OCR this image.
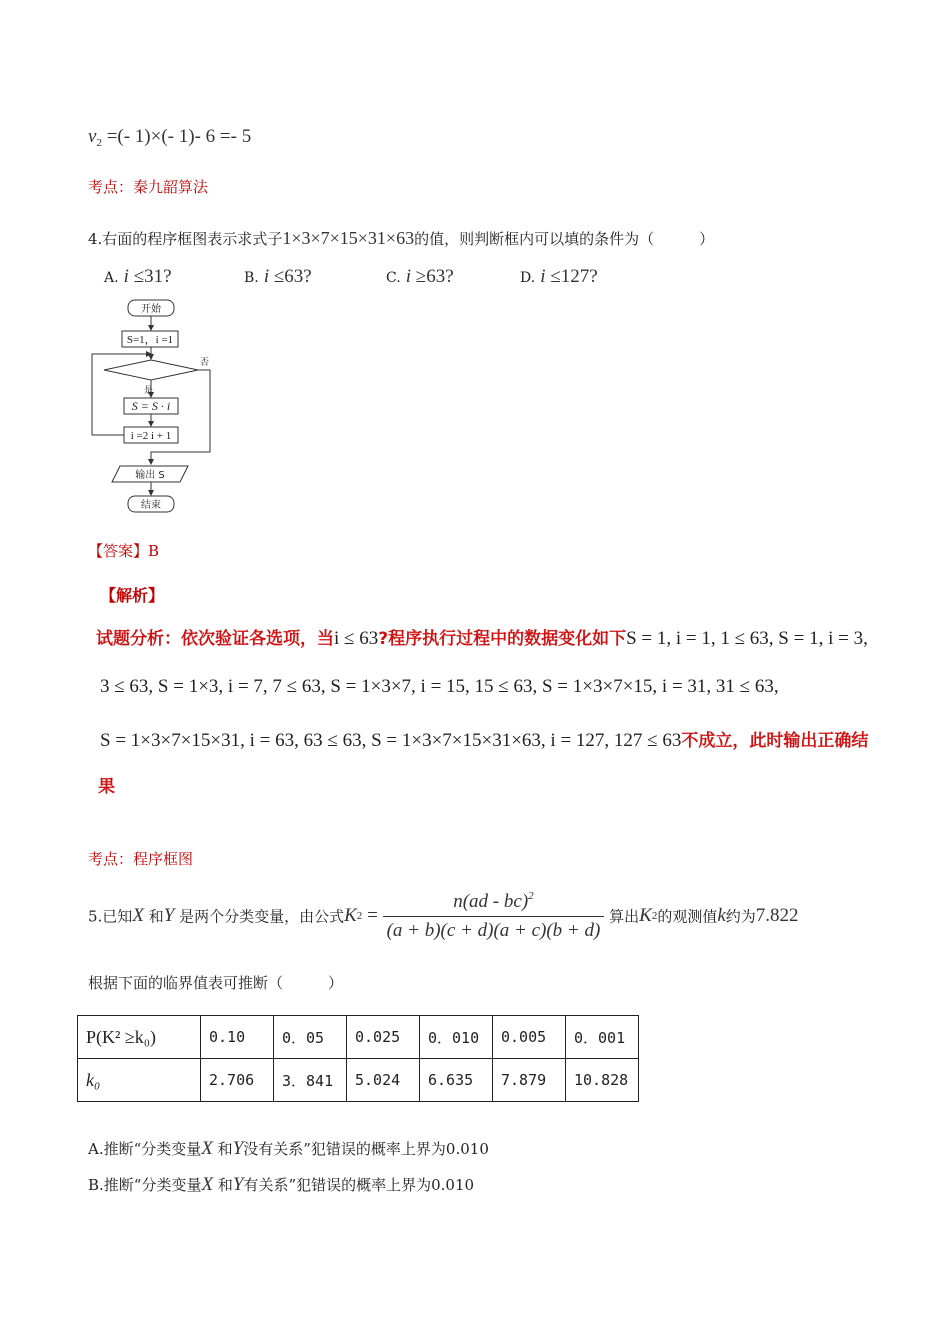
$v_2$ =(- 1)×(- 1)- 6 =- 5
考点：秦九韶算法
4.右面的程序框图表示求式子1×3×7×15×31×63的值，则判断框内可以填的条件为（　　　）
A. i ≤31?	B. i ≤63?	C. i ≥63?	D. i ≤127?
开始
S=1，i =1
是
否
S = S · i
i =2 i + 1
输出 S
结束
【答案】B
【解析】
试题分析：依次验证各选项，当i ≤ 63?程序执行过程中的数据变化如下S = 1, i = 1, 1 ≤ 63, S = 1, i = 3,
3 ≤ 63, S = 1×3, i = 7, 7 ≤ 63, S = 1×3×7, i = 15, 15 ≤ 63, S = 1×3×7×15, i = 31, 31 ≤ 63,
S = 1×3×7×15×31, i = 63, 63 ≤ 63, S = 1×3×7×15×31×63, i = 127, 127 ≤ 63不成立，此时输出正确结
果
考点：程序框图
5.已知X 和Y 是两个分类变量，由公式$K2 = \frac{n(ad - bc)^2}{(a + b)(c + d)(a + c)(b + d)}$ 算出K2的观测值k约为7.822
根据下面的临界值表可推断（　　　）
P(K² ≥k₀)	0.10	0．05	0.025	0．010	0.005	0．001
k₀	2.706	3．841	5.024	6.635	7.879	10.828
A.推断“分类变量X 和Y没有关系”犯错误的概率上界为0.010
B.推断“分类变量X 和Y有关系”犯错误的概率上界为0.010
